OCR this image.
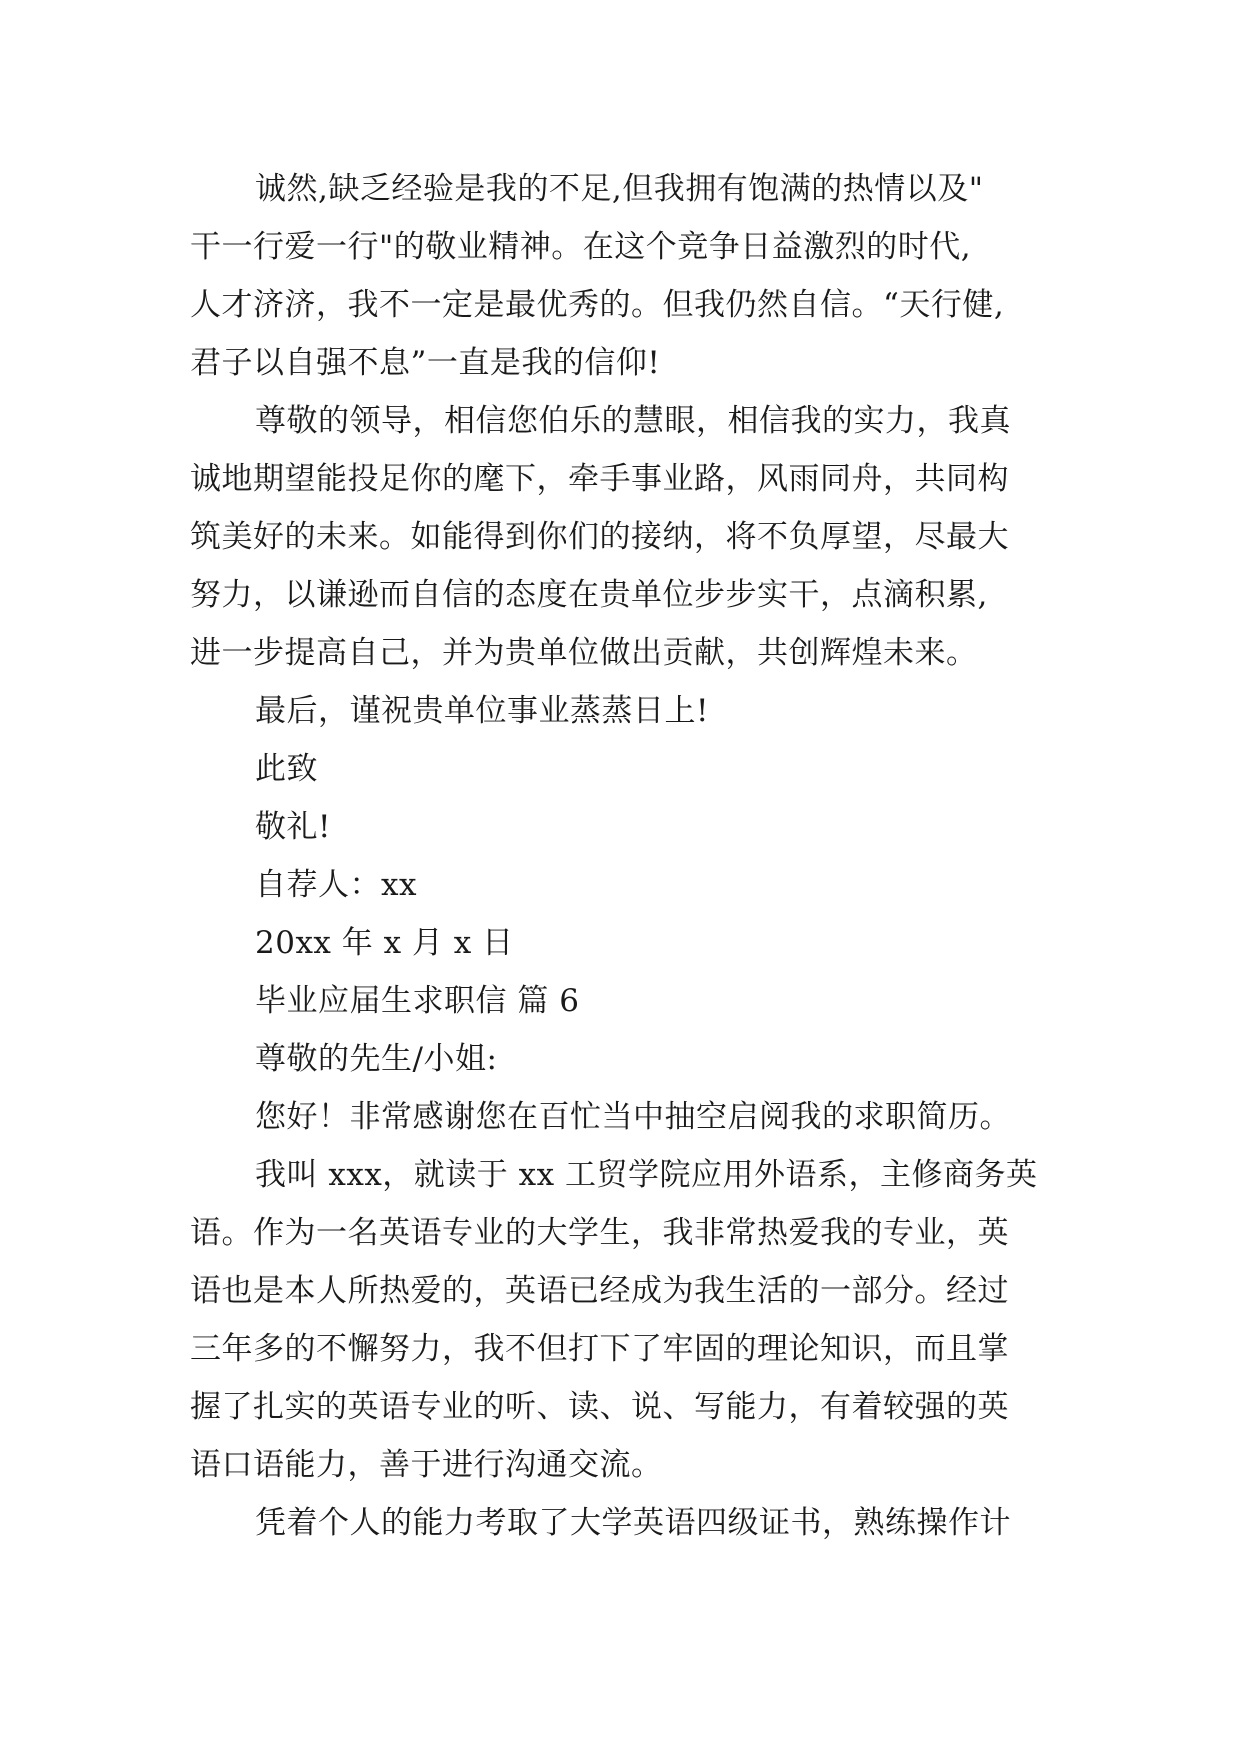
诚然,缺乏经验是我的不足,但我拥有饱满的热情以及"
干一行爱一行"的敬业精神。在这个竞争日益激烈的时代,
人才济济，我不一定是最优秀的。但我仍然自信。“天行健,
君子以自强不息”一直是我的信仰!
尊敬的领导，相信您伯乐的慧眼，相信我的实力，我真
诚地期望能投足你的麾下，牵手事业路，风雨同舟，共同构
筑美好的未来。如能得到你们的接纳，将不负厚望，尽最大
努力，以谦逊而自信的态度在贵单位步步实干，点滴积累,
进一步提高自己，并为贵单位做出贡献，共创辉煌未来。
最后，谨祝贵单位事业蒸蒸日上!
此致
敬礼!
自荐人：xx
20xx 年 x 月 x 日
毕业应届生求职信 篇 6
尊敬的先生/小姐:
您好！非常感谢您在百忙当中抽空启阅我的求职简历。
我叫 xxx，就读于 xx 工贸学院应用外语系，主修商务英
语。作为一名英语专业的大学生，我非常热爱我的专业，英
语也是本人所热爱的，英语已经成为我生活的一部分。经过
三年多的不懈努力，我不但打下了牢固的理论知识，而且掌
握了扎实的英语专业的听、读、说、写能力，有着较强的英
语口语能力，善于进行沟通交流。
凭着个人的能力考取了大学英语四级证书，熟练操作计
